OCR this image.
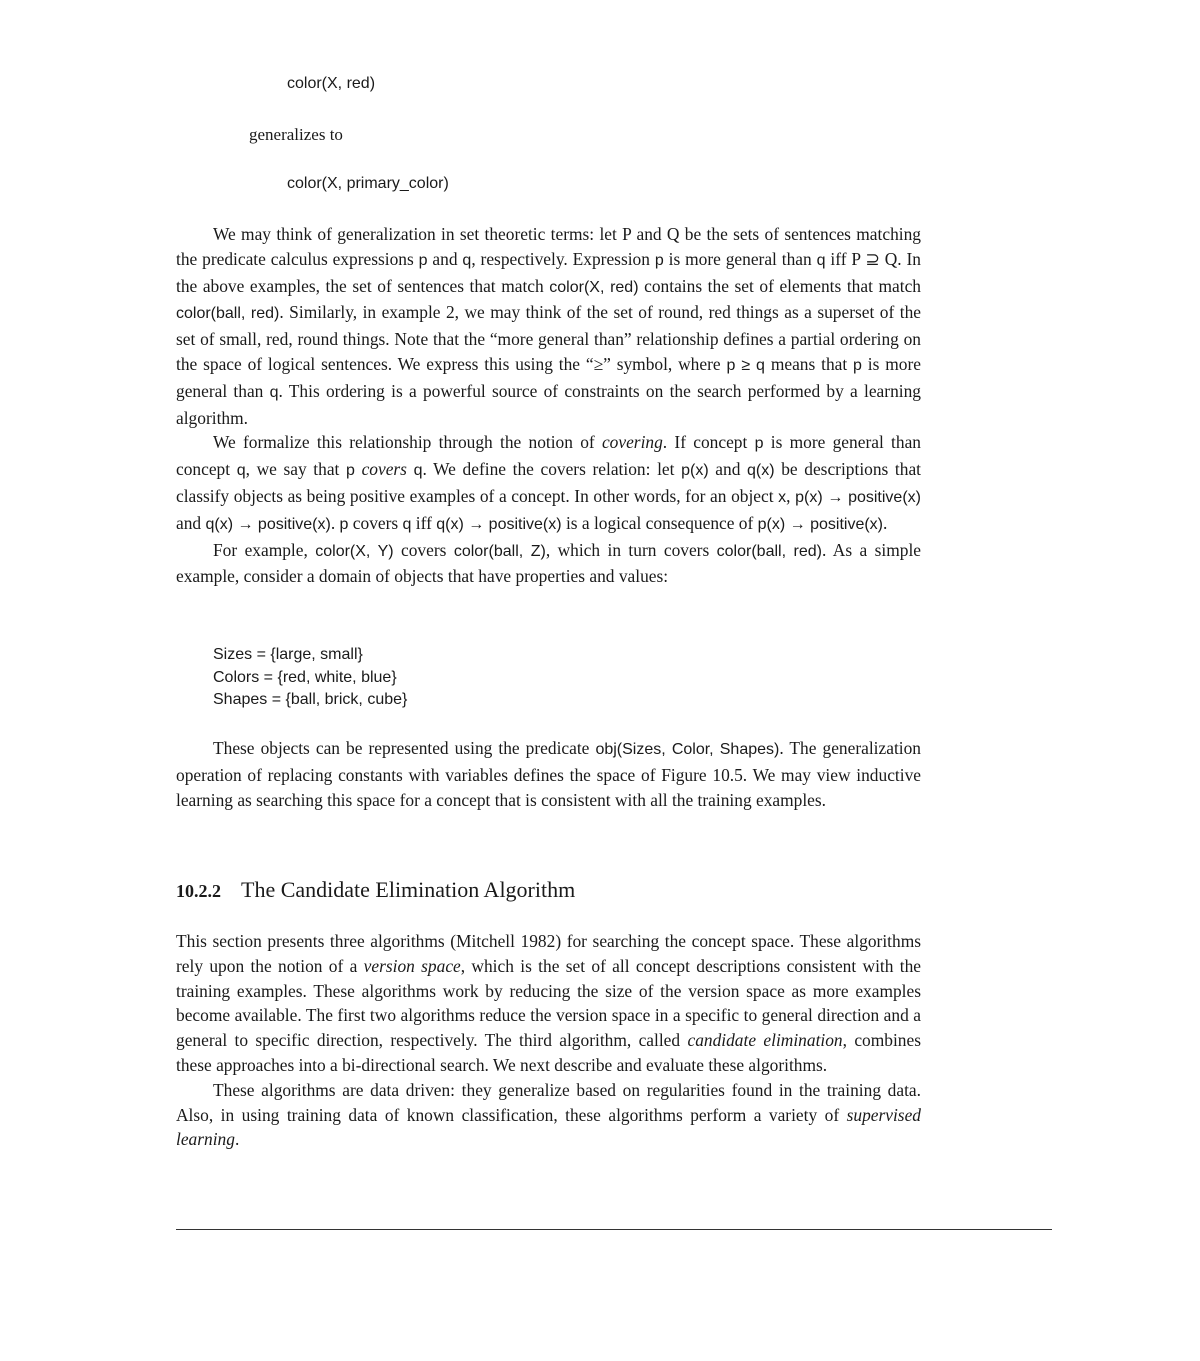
color(X, red)
generalizes to
color(X, primary_color)

We may think of generalization in set theoretic terms: let P and Q be the sets of sentences matching the predicate calculus expressions p and q, respectively. Expression p is more general than q iff P ⊇ Q. In the above examples, the set of sentences that match color(X, red) contains the set of elements that match color(ball, red). Similarly, in example 2, we may think of the set of round, red things as a superset of the set of small, red, round things. Note that the “more general than” relationship defines a partial ordering on the space of logical sentences. We express this using the “≥” symbol, where p ≥ q means that p is more general than q. This ordering is a powerful source of constraints on the search performed by a learning algorithm.

We formalize this relationship through the notion of covering. If concept p is more general than concept q, we say that p covers q. We define the covers relation: let p(x) and q(x) be descriptions that classify objects as being positive examples of a concept. In other words, for an object x, p(x) → positive(x) and q(x) → positive(x). p covers q iff q(x) → positive(x) is a logical consequence of p(x) → positive(x).

For example, color(X, Y) covers color(ball, Z), which in turn covers color(ball, red). As a simple example, consider a domain of objects that have properties and values:

Sizes = {large, small}
Colors = {red, white, blue}
Shapes = {ball, brick, cube}

These objects can be represented using the predicate obj(Sizes, Color, Shapes). The generalization operation of replacing constants with variables defines the space of Figure 10.5. We may view inductive learning as searching this space for a concept that is consistent with all the training examples.

10.2.2 The Candidate Elimination Algorithm

This section presents three algorithms (Mitchell 1982) for searching the concept space. These algorithms rely upon the notion of a version space, which is the set of all concept descriptions consistent with the training examples. These algorithms work by reducing the size of the version space as more examples become available. The first two algorithms reduce the version space in a specific to general direction and a general to specific direction, respectively. The third algorithm, called candidate elimination, combines these approaches into a bi-directional search. We next describe and evaluate these algorithms.

These algorithms are data driven: they generalize based on regularities found in the training data. Also, in using training data of known classification, these algorithms perform a variety of supervised learning.
